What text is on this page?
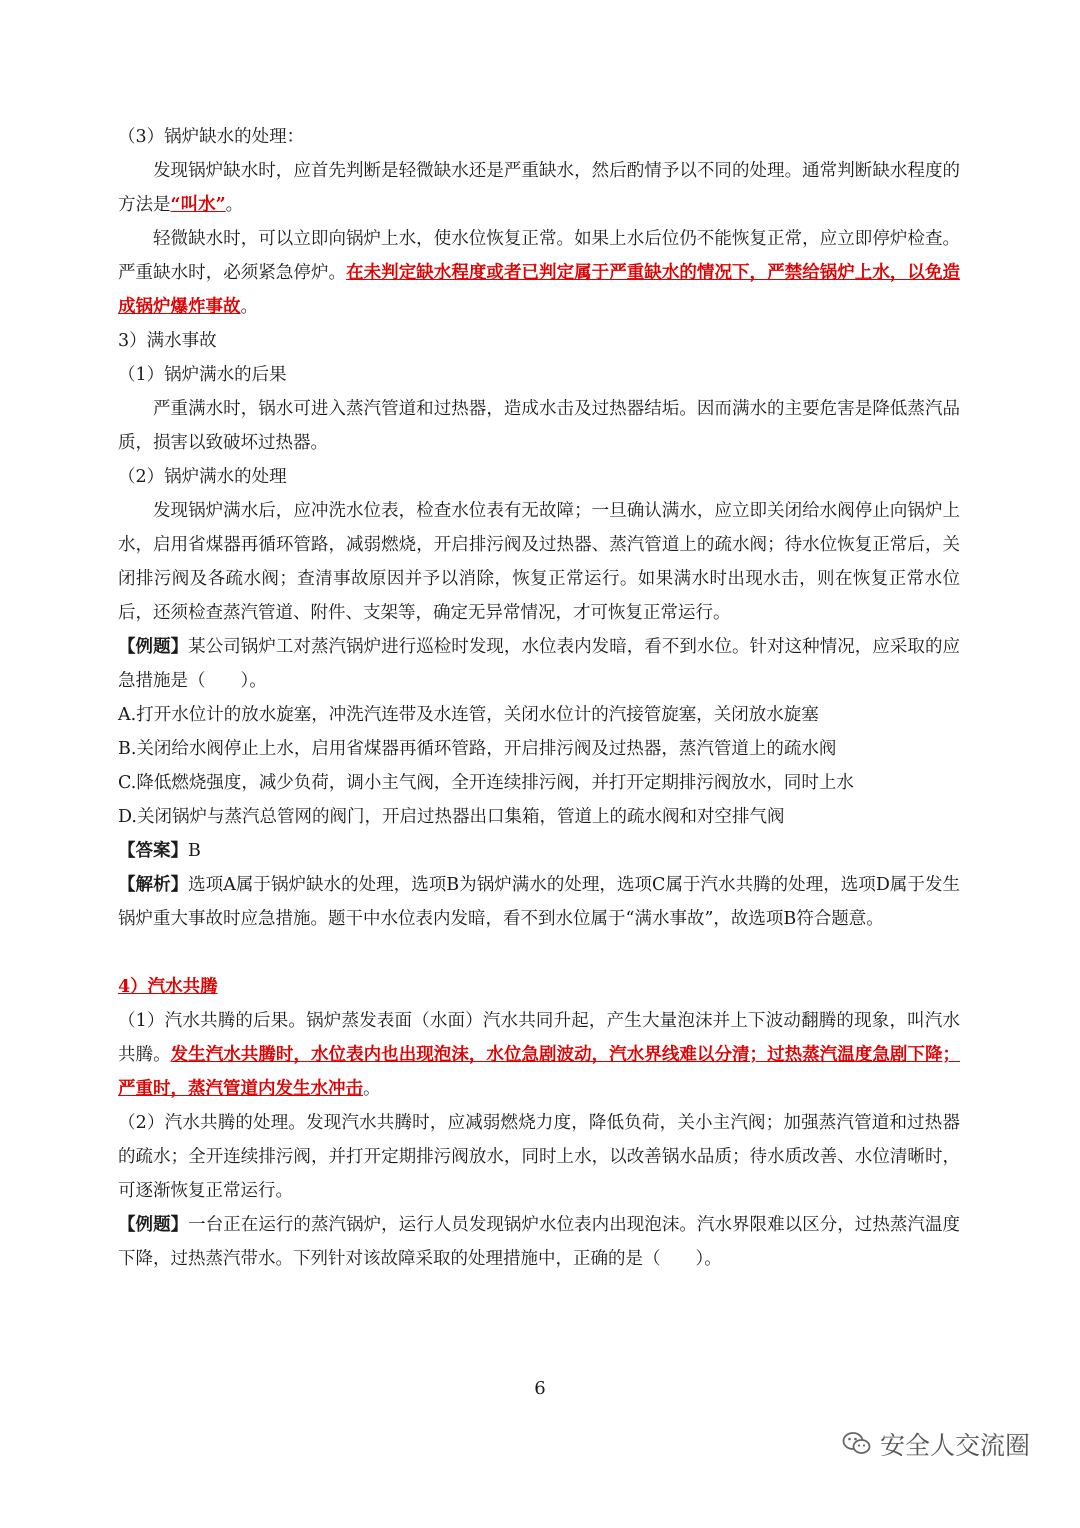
（3）锅炉缺水的处理：

发现锅炉缺水时，应首先判断是轻微缺水还是严重缺水，然后酌情予以不同的处理。通常判断缺水程度的方法是“叫水”。

轻微缺水时，可以立即向锅炉上水，使水位恢复正常。如果上水后位仍不能恢复正常，应立即停炉检查。严重缺水时，必须紧急停炉。在未判定缺水程度或者已判定属于严重缺水的情况下，严禁给锅炉上水，以免造成锅炉爆炸事故。

3）满水事故

（1）锅炉满水的后果

严重满水时，锅水可进入蒸汽管道和过热器，造成水击及过热器结垢。因而满水的主要危害是降低蒸汽品质，损害以致破坏过热器。

（2）锅炉满水的处理

发现锅炉满水后，应冲洗水位表，检查水位表有无故障；一旦确认满水，应立即关闭给水阀停止向锅炉上水，启用省煤器再循环管路，减弱燃烧，开启排污阀及过热器、蒸汽管道上的疏水阀；待水位恢复正常后，关闭排污阀及各疏水阀；查清事故原因并予以消除，恢复正常运行。如果满水时出现水击，则在恢复正常水位后，还须检查蒸汽管道、附件、支架等，确定无异常情况，才可恢复正常运行。

【例题】某公司锅炉工对蒸汽锅炉进行巡检时发现，水位表内发暗，看不到水位。针对这种情况，应采取的应急措施是（　　）。

A.打开水位计的放水旋塞，冲洗汽连带及水连管，关闭水位计的汽接管旋塞，关闭放水旋塞

B.关闭给水阀停止上水，启用省煤器再循环管路，开启排污阀及过热器，蒸汽管道上的疏水阀

C.降低燃烧强度，减少负荷，调小主气阀，全开连续排污阀，并打开定期排污阀放水，同时上水

D.关闭锅炉与蒸汽总管网的阀门，开启过热器出口集箱，管道上的疏水阀和对空排气阀

【答案】B

【解析】选项A属于锅炉缺水的处理，选项B为锅炉满水的处理，选项C属于汽水共腾的处理，选项D属于发生锅炉重大事故时应急措施。题干中水位表内发暗，看不到水位属于“满水事故”，故选项B符合题意。

4）汽水共腾

（1）汽水共腾的后果。锅炉蒸发表面（水面）汽水共同升起，产生大量泡沫并上下波动翻腾的现象，叫汽水共腾。发生汽水共腾时，水位表内也出现泡沫，水位急剧波动，汽水界线难以分清；过热蒸汽温度急剧下降；严重时，蒸汽管道内发生水冲击。

（2）汽水共腾的处理。发现汽水共腾时，应减弱燃烧力度，降低负荷，关小主汽阀；加强蒸汽管道和过热器的疏水；全开连续排污阀，并打开定期排污阀放水，同时上水，以改善锅水品质；待水质改善、水位清晰时，可逐渐恢复正常运行。

【例题】一台正在运行的蒸汽锅炉，运行人员发现锅炉水位表内出现泡沫。汽水界限难以区分，过热蒸汽温度下降，过热蒸汽带水。下列针对该故障采取的处理措施中，正确的是（　　）。

6
安全人交流圈
